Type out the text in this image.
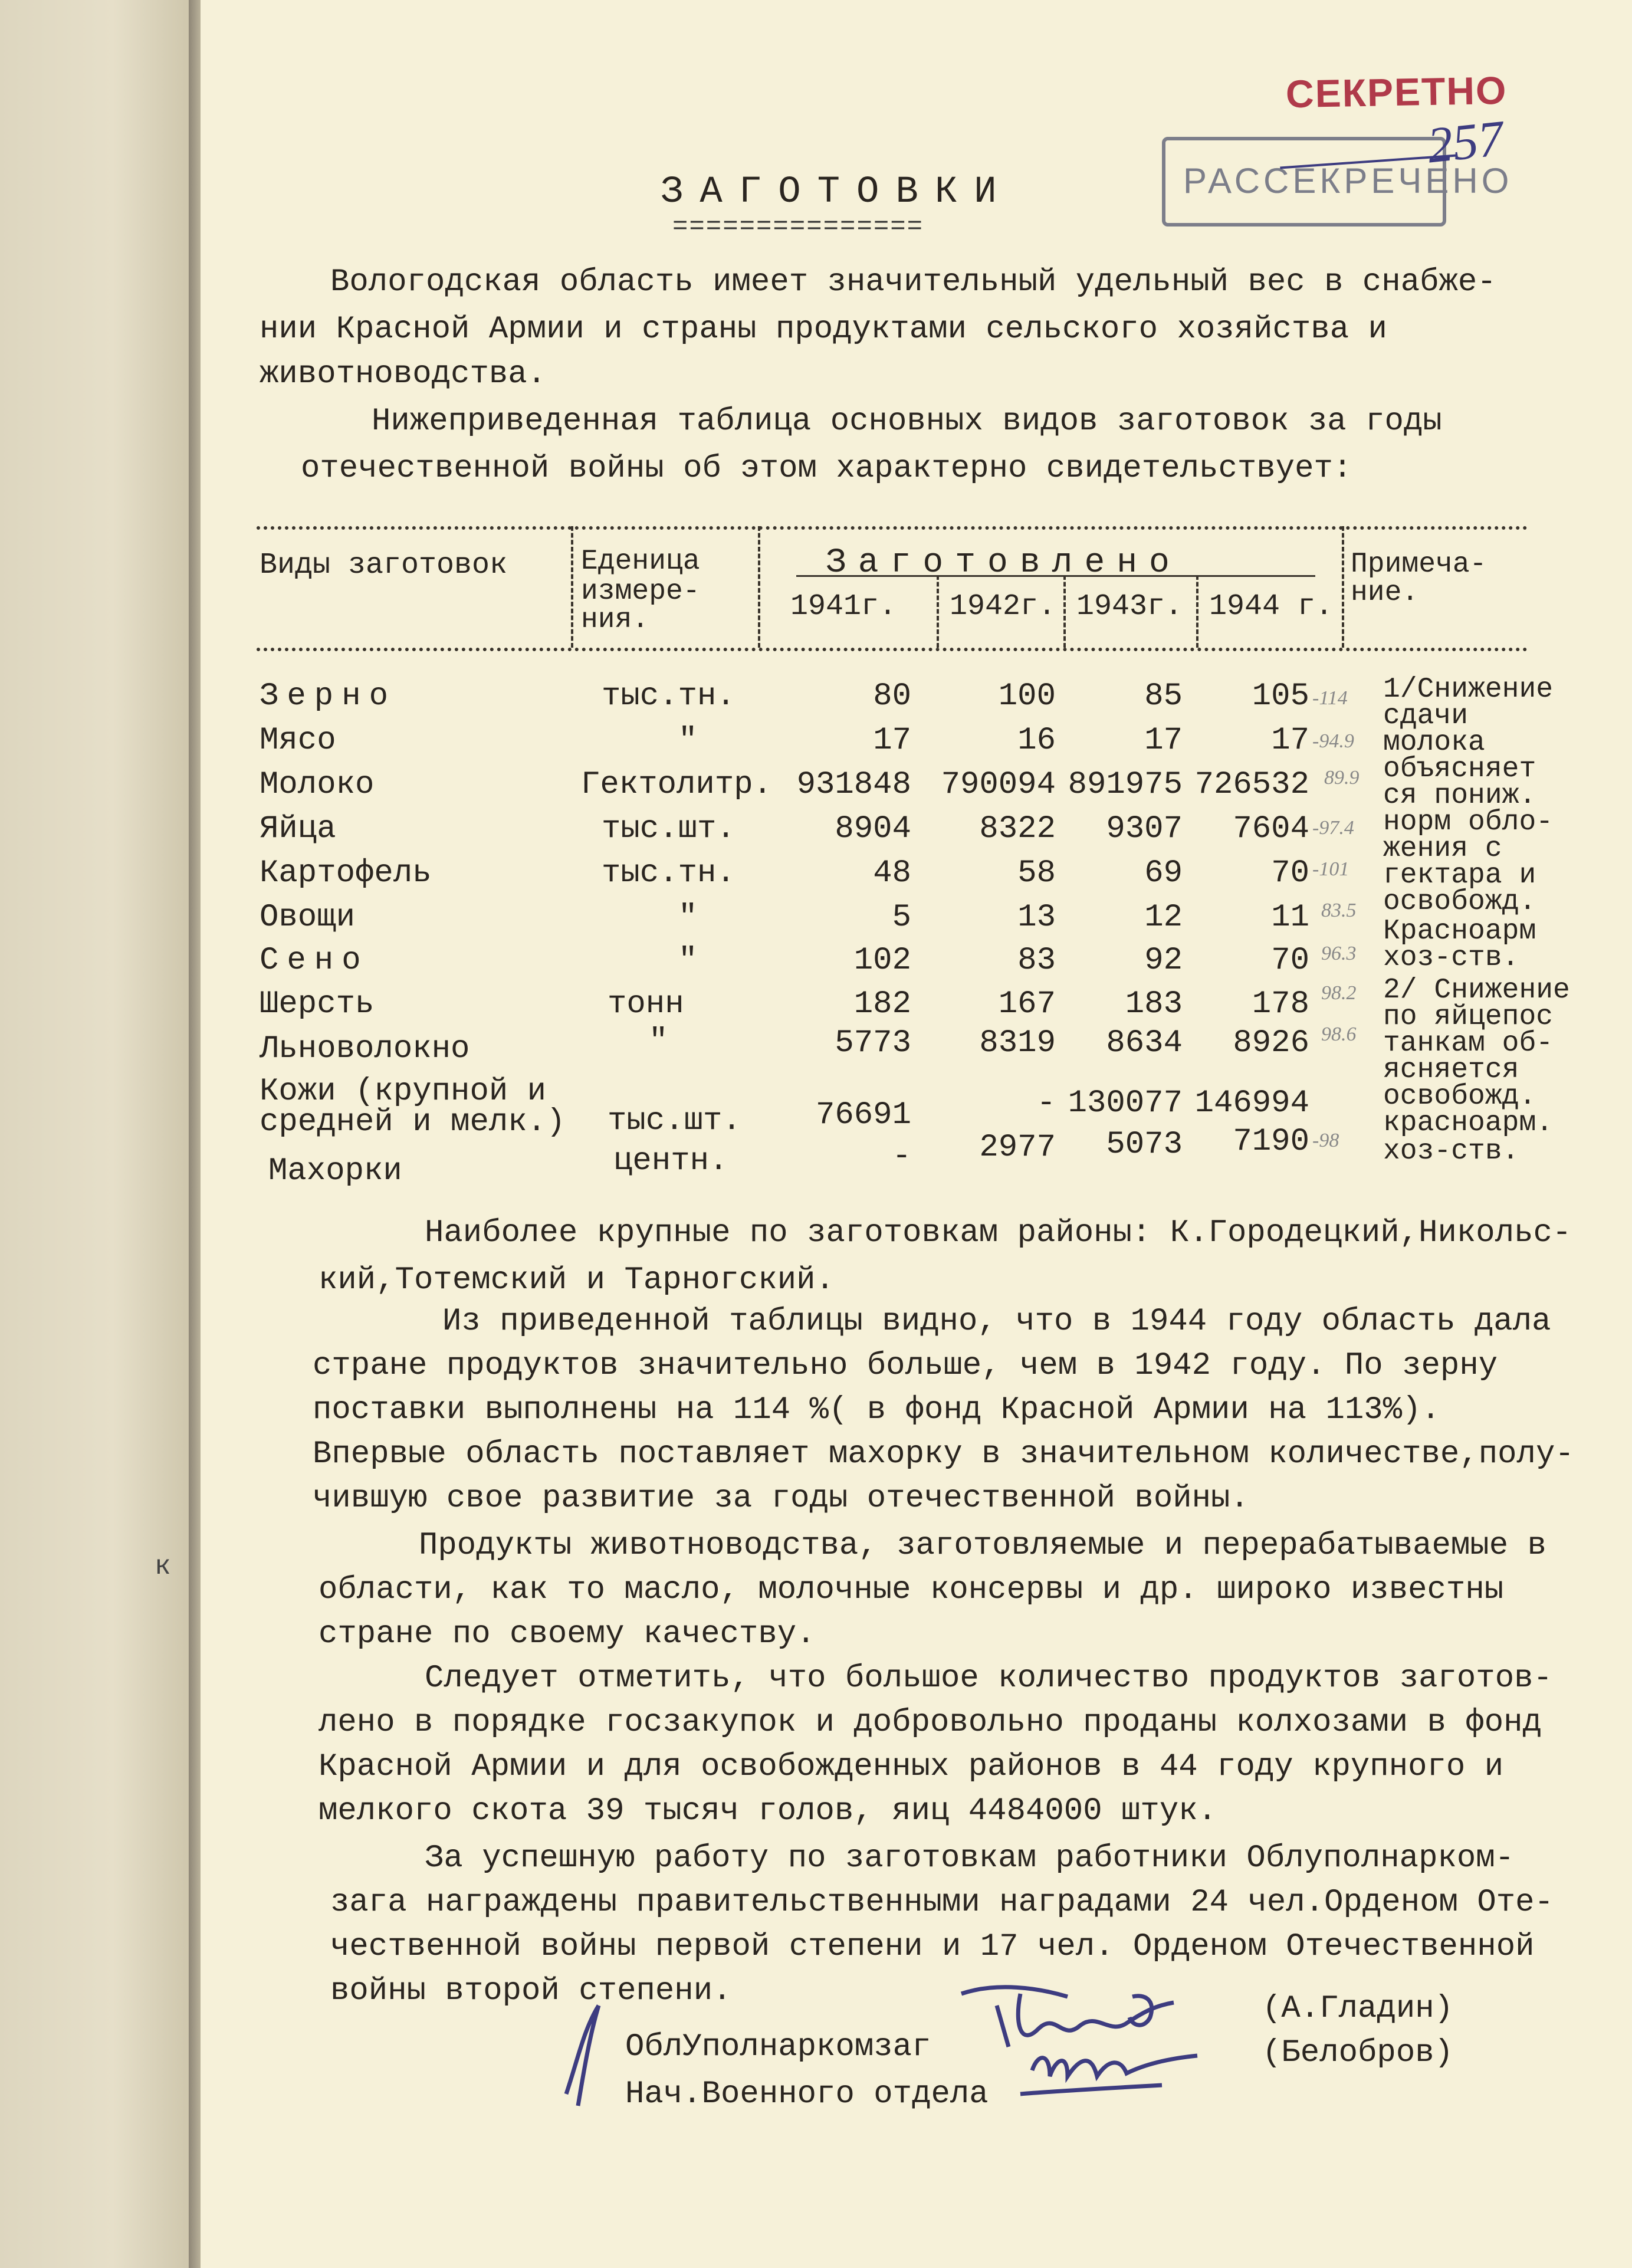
к
СЕКРЕТНО
РАССЕКРЕЧЕНО
257
ЗАГОТОВКИ
===============
Вологодская область имеет значительный удельный вес в снабже-
нии Красной Армии и страны продуктами сельского хозяйства и
животноводства.
Нижеприведенная таблица основных видов заготовок за годы
отечественной войны об этом характерно свидетельствует:
Виды заготовок	Еденица
измере-
ния.
Заготовлено
1941г. 1942г. 1943г. 1944 г.
Примеча-
ние.
Зерно	тыс.тн.	80	100	85	105 -114
Мясо	"	17	16	17	17 -94.9
Молоко	Гектолитр. 931848 790094 891975 726532 89.9
Яйца	тыс.шт.	8904	8322	9307	7604 -97.4
Картофель	тыс.тн.	48	58	69	70 -101
Овощи	"	5	13	12	11 83.5
Сено	"	102	83	92	70 96.3
Шерсть	тонн	182	167	183	178 98.2
Льноволокно	"	5773	8319	8634	8926 98.6
Кожи (крупной и
средней и мелк.) тыс.шт.	76691	- 130077 146994
Махорки	центн.	-	2977	5073	7190 -98
1/Снижение
сдачи
молока
объясняет
ся пониж.
норм обло-
жения с
гектара и
освобожд.
Красноарм
хоз-ств.
2/ Снижение
по яйцепос
танкам об-
ясняется
освобожд.
красноарм.
хоз-ств.
Наиболее крупные по заготовкам районы: К.Городецкий,Никольс-
кий,Тотемский и Тарногский.
Из приведенной таблицы видно, что в 1944 году область дала
стране продуктов значительно больше, чем в 1942 году. По зерну
поставки выполнены на 114 %( в фонд Красной Армии на 113%).
Впервые область поставляет махорку в значительном количестве,полу-
чившую свое развитие за годы отечественной войны.
Продукты животноводства, заготовляемые и перерабатываемые в
области, как то масло, молочные консервы и др. широко известны
стране по своему качеству.
Следует отметить, что большое количество продуктов заготов-
лено в порядке госзакупок и добровольно проданы колхозами в фонд
Красной Армии и для освобожденных районов в 44 году крупного и
мелкого скота 39 тысяч голов, яиц 4484000 штук.
За успешную работу по заготовкам работники Облуполнарком-
зага награждены правительственными наградами 24 чел.Орденом Оте-
чественной войны первой степени и 17 чел. Орденом Отечественной
войны второй степени.
ОблУполнаркомзаг
Нач.Военного отдела
(А.Гладин)
(Белобров)
